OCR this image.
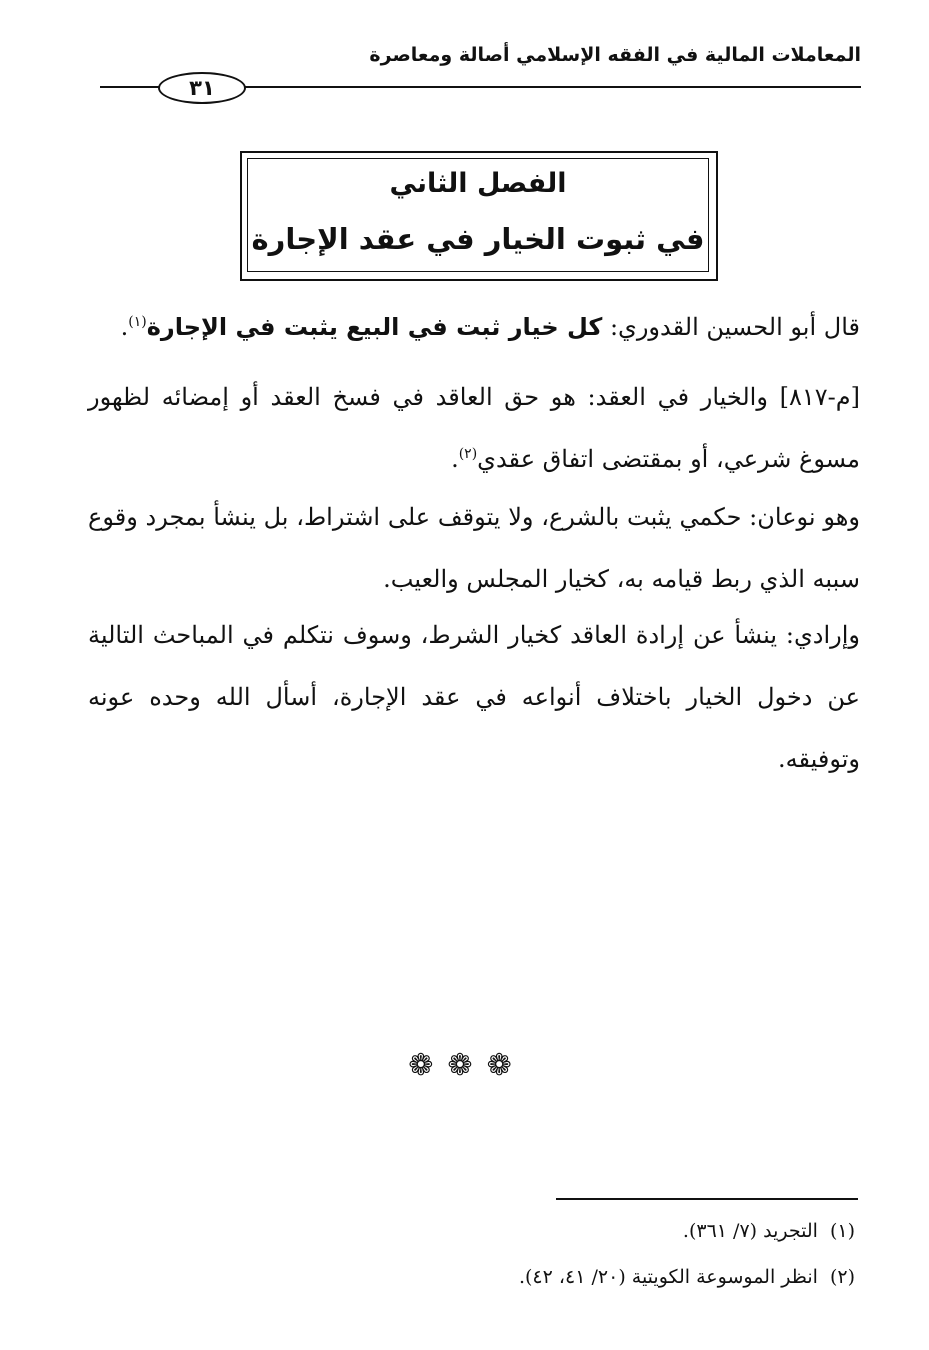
المعاملات المالية في الفقه الإسلامي أصالة ومعاصرة
٣١
الفصل الثاني
في ثبوت الخيار في عقد الإجارة
قال أبو الحسين القدوري: كل خيار ثبت في البيع يثبت في الإجارة$^{(١)}$.
[م-٨١٧] والخيار في العقد: هو حق العاقد في فسخ العقد أو إمضائه لظهور مسوغ شرعي، أو بمقتضى اتفاق عقدي$^{(٢)}$.
وهو نوعان: حكمي يثبت بالشرع، ولا يتوقف على اشتراط، بل ينشأ بمجرد وقوع سببه الذي ربط قيامه به، كخيار المجلس والعيب.
وإرادي: ينشأ عن إرادة العاقد كخيار الشرط، وسوف نتكلم في المباحث التالية عن دخول الخيار باختلاف أنواعه في عقد الإجارة، أسأل الله وحده عونه وتوفيقه.
❁ ❁ ❁
(١)التجريد (٧/ ٣٦١).
(٢)انظر الموسوعة الكويتية (٢٠/ ٤١، ٤٢).
